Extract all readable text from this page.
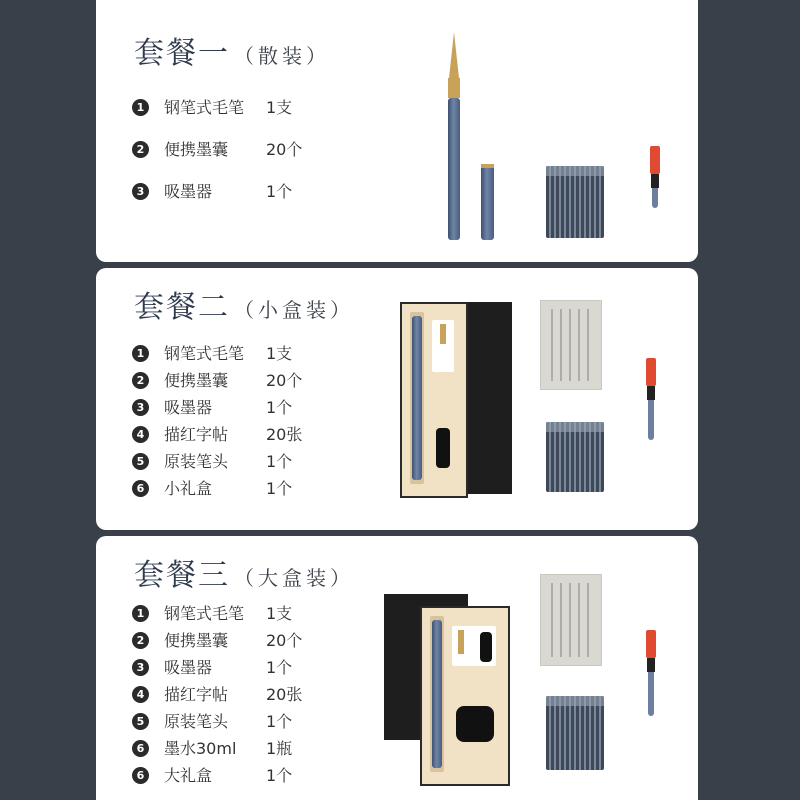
套餐一 （散装）
1 钢笔式毛笔 1支
2 便携墨囊 20个
3 吸墨器	1个
套餐二 （小盒装）
1 钢笔式毛笔 1支
2 便携墨囊 20个
3 吸墨器	1个
4 描红字帖 20张
5 原装笔头 1个
6 小礼盒	1个
套餐三 （大盒装）
1 钢笔式毛笔 1支
2 便携墨囊 20个
3 吸墨器	1个
4 描红字帖 20张
5 原装笔头 1个
6 墨水30ml 1瓶
6 大礼盒	1个
